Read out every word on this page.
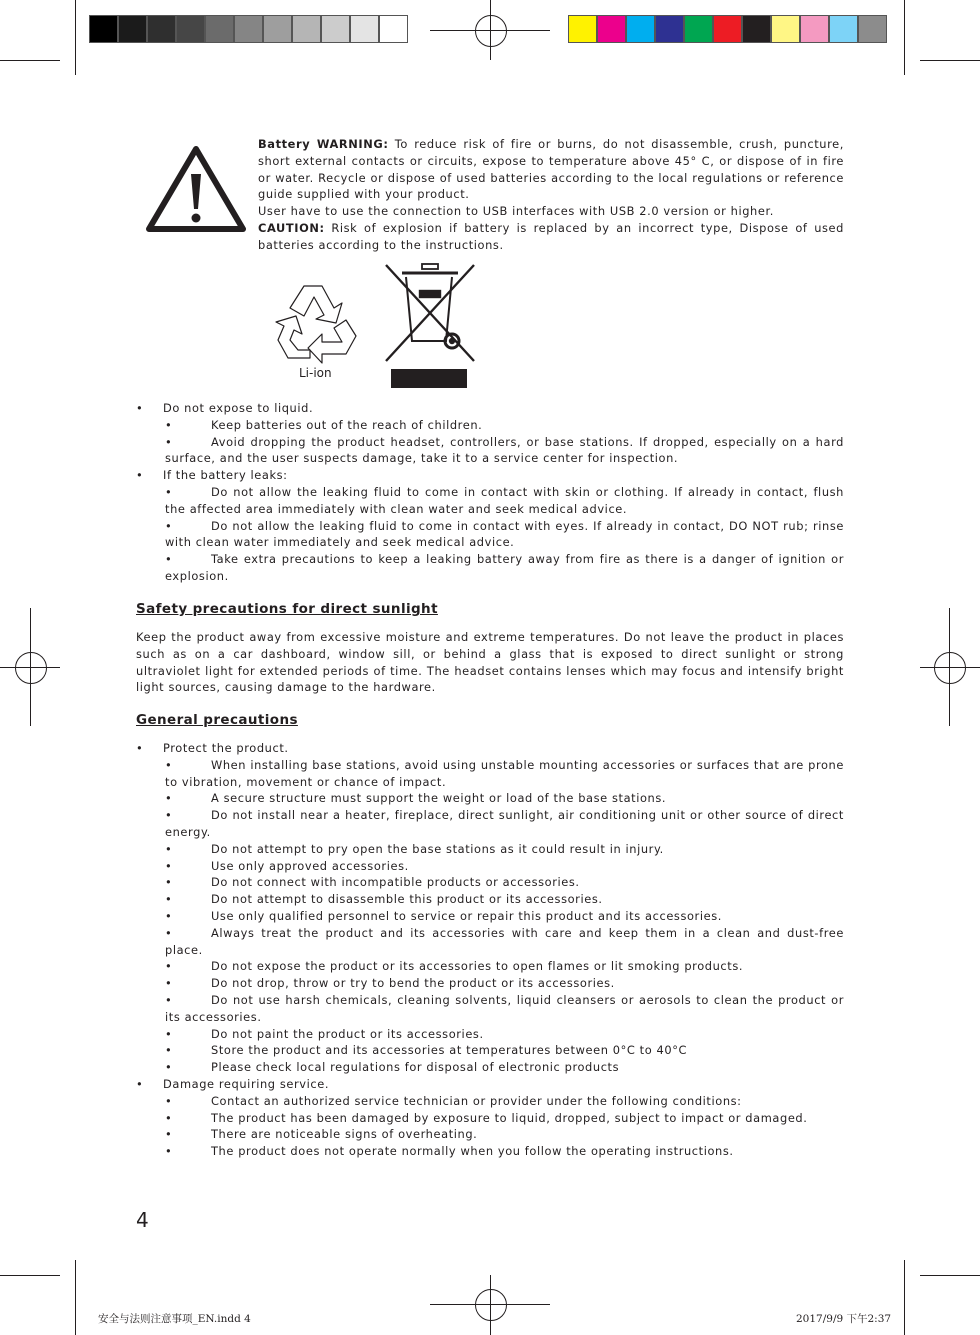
Battery WARNING: To reduce risk of fire or burns, do not disassemble, crush, puncture, short external contacts or circuits, expose to temperature above 45° C, or dispose of in fire or water. Recycle or dispose of used batteries according to the local regulations or reference guide supplied with your product.

User have to use the connection to USB interfaces with USB 2.0 version or higher.

CAUTION: Risk of explosion if battery is replaced by an incorrect type, Dispose of used batteries according to the instructions.

Li-ion
• Do not expose to liquid.
•	Keep batteries out of the reach of children.
•	Avoid dropping the product headset, controllers, or base stations. If dropped, especially on a hard surface, and the user suspects damage, take it to a service center for inspection.
• If the battery leaks:
•	Do not allow the leaking fluid to come in contact with skin or clothing. If already in contact, flush the affected area immediately with clean water and seek medical advice.
•	Do not allow the leaking fluid to come in contact with eyes. If already in contact, DO NOT rub; rinse with clean water immediately and seek medical advice.
•	Take extra precautions to keep a leaking battery away from fire as there is a danger of ignition or explosion.
Safety precautions for direct sunlight
Keep the product away from excessive moisture and extreme temperatures. Do not leave the product in places such as on a car dashboard, window sill, or behind a glass that is exposed to direct sunlight or strong ultraviolet light for extended periods of time. The headset contains lenses which may focus and intensify bright light sources, causing damage to the hardware.
General precautions
• Protect the product.
•	When installing base stations, avoid using unstable mounting accessories or surfaces that are prone to vibration, movement or chance of impact.
•	A secure structure must support the weight or load of the base stations.
•	Do not install near a heater, fireplace, direct sunlight, air conditioning unit or other source of direct energy.
•	Do not attempt to pry open the base stations as it could result in injury.
•	Use only approved accessories.
•	Do not connect with incompatible products or accessories.
•	Do not attempt to disassemble this product or its accessories.
•	Use only qualified personnel to service or repair this product and its accessories.
•	Always treat the product and its accessories with care and keep them in a clean and dust-free place.
•	Do not expose the product or its accessories to open flames or lit smoking products.
•	Do not drop, throw or try to bend the product or its accessories.
•	Do not use harsh chemicals, cleaning solvents, liquid cleansers or aerosols to clean the product or its accessories.
•	Do not paint the product or its accessories.
•	Store the product and its accessories at temperatures between 0°C to 40°C
•	Please check local regulations for disposal of electronic products
• Damage requiring service.
•	Contact an authorized service technician or provider under the following conditions:
•	The product has been damaged by exposure to liquid, dropped, subject to impact or damaged.
•	There are noticeable signs of overheating.
•	The product does not operate normally when you follow the operating instructions.
4
安全与法则注意事项_EN.indd 4	2017/9/9 下午2:37
